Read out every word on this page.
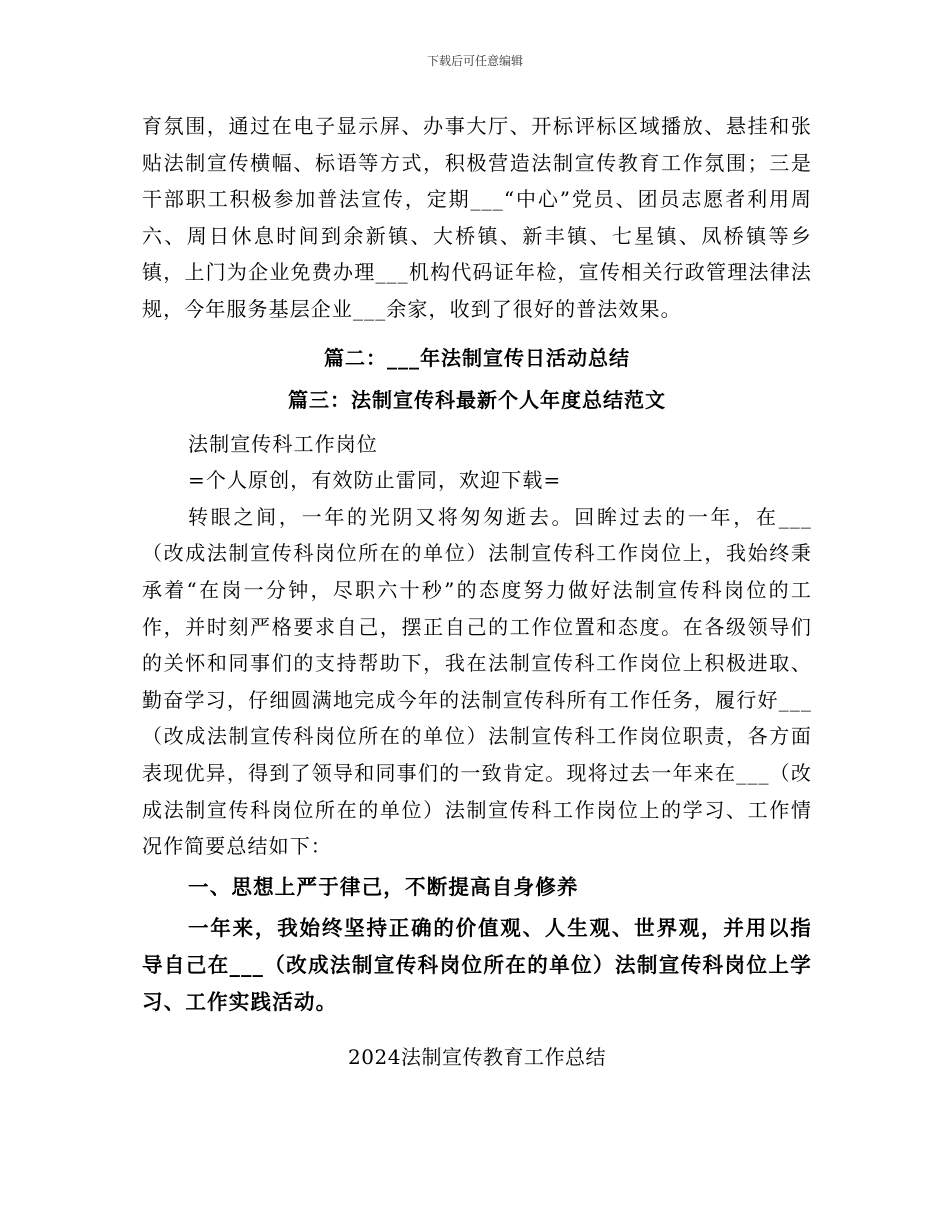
下载后可任意编辑

育氛围，通过在电子显示屏、办事大厅、开标评标区域播放、悬挂和张贴法制宣传横幅、标语等方式，积极营造法制宣传教育工作氛围；三是干部职工积极参加普法宣传，定期___“中心”党员、团员志愿者利用周六、周日休息时间到余新镇、大桥镇、新丰镇、七星镇、凤桥镇等乡镇，上门为企业免费办理___机构代码证年检，宣传相关行政管理法律法规，今年服务基层企业___余家，收到了很好的普法效果。

篇二：___年法制宣传日活动总结

篇三：法制宣传科最新个人年度总结范文

法制宣传科工作岗位

=个人原创，有效防止雷同，欢迎下载=

转眼之间，一年的光阴又将匆匆逝去。回眸过去的一年，在___（改成法制宣传科岗位所在的单位）法制宣传科工作岗位上，我始终秉承着“在岗一分钟，尽职六十秒”的态度努力做好法制宣传科岗位的工作，并时刻严格要求自己，摆正自己的工作位置和态度。在各级领导们的关怀和同事们的支持帮助下，我在法制宣传科工作岗位上积极进取、勤奋学习，仔细圆满地完成今年的法制宣传科所有工作任务，履行好___（改成法制宣传科岗位所在的单位）法制宣传科工作岗位职责，各方面表现优异，得到了领导和同事们的一致肯定。现将过去一年来在___（改成法制宣传科岗位所在的单位）法制宣传科工作岗位上的学习、工作情况作简要总结如下：

一、思想上严于律己，不断提高自身修养

一年来，我始终坚持正确的价值观、人生观、世界观，并用以指导自己在___（改成法制宣传科岗位所在的单位）法制宣传科岗位上学习、工作实践活动。

2024法制宣传教育工作总结
